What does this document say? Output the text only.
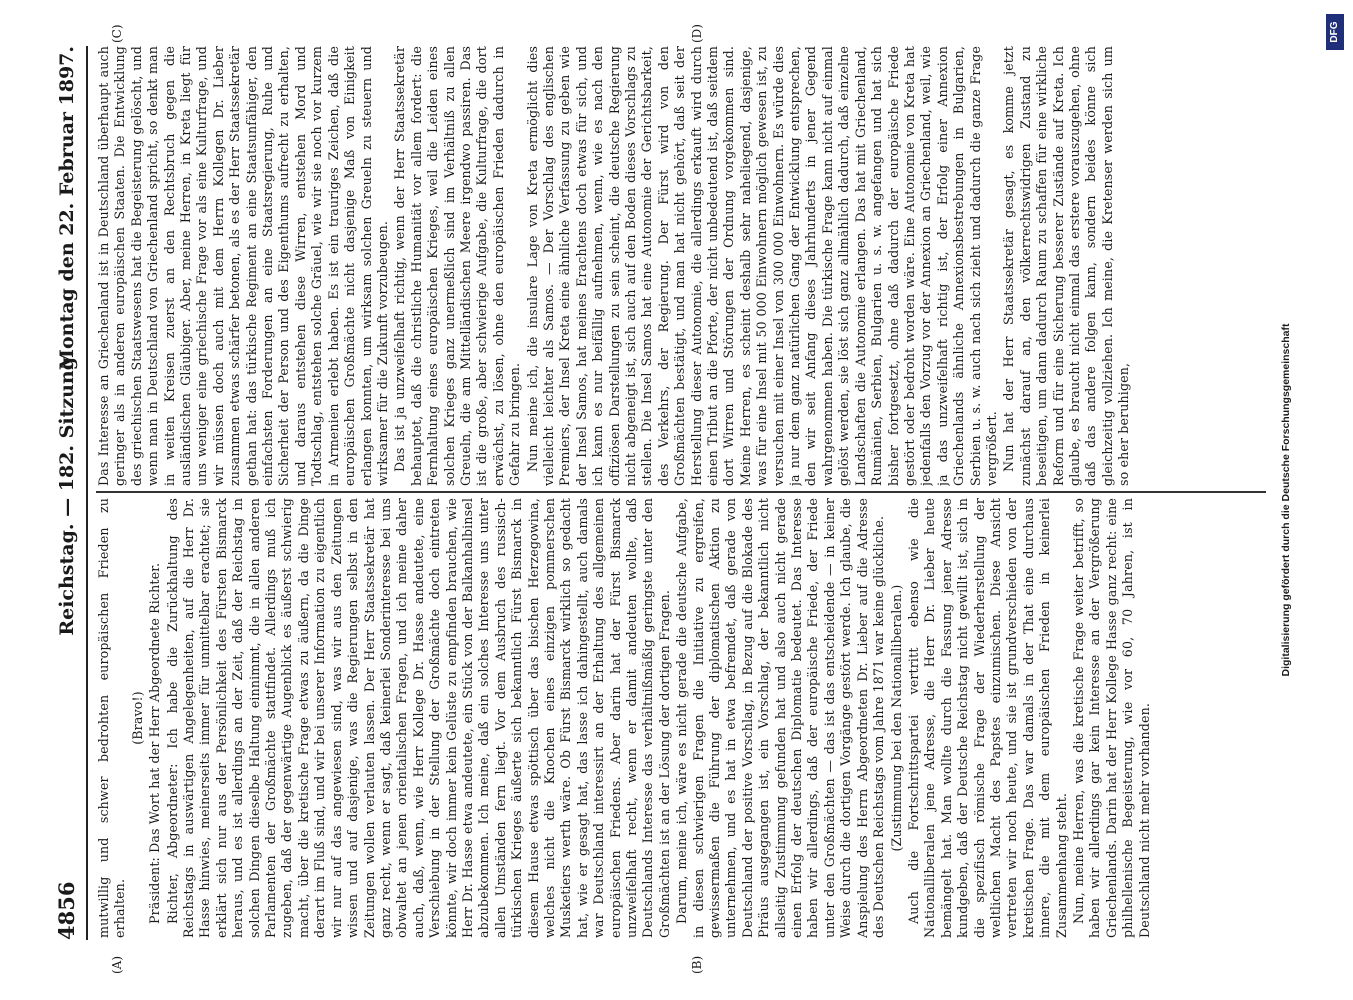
4856
Reichstag. — 182. Sitzung.
Montag den 22. Februar 1897.
(A)	(B)
(C)	(D)

mutwillig und schwer bedrohten europäischen Frieden zu erhalten.

(Bravo!) Präsident: Das Wort hat der Herr Abgeordnete Richter. Richter, Abgeordneter: Ich habe die Zurückhaltung des Reichstags in auswärtigen Angelegenheiten, auf die Herr Dr. Hasse hinwies, meinerseits immer für unmittelbar erachtet; sie erklärt sich nur aus der Persönlichkeit des Fürsten Bismarck heraus, und es ist allerdings an der Zeit, daß der Reichstag in solchen Dingen dieselbe Haltung einnimmt, die in allen anderen Parlamenten der Großmächte stattfindet. Allerdings muß ich zugeben, daß der gegenwärtige Augenblick es äußerst schwierig macht, über die kretische Frage etwas zu äußern, da die Dinge derart im Fluß sind, und wir bei unserer Information zu eigentlich wir nur auf das angewiesen sind, was wir aus den Zeitungen wissen und auf dasjenige, was die Regierungen selbst in den Zeitungen wollen verlauten lassen. Der Herr Staatssekretär hat ganz recht, wenn er sagt, daß keinerlei Sonderinteresse bei uns obwaltet an jenen orientalischen Fragen, und ich meine daher auch, daß, wenn, wie Herr Kollege Dr. Hasse andeutete, eine Verschiebung in der Stellung der Großmächte doch eintreten könnte, wir doch immer kein Gelüste zu empfinden brauchen, wie Herr Dr. Hasse etwa andeutete, ein Stück von der Balkanhalbinsel abzubekommen. Ich meine, daß ein solches Interesse uns unter allen Umständen fern liegt. Vor dem Ausbruch des russisch-türkischen Krieges äußerte sich bekanntlich Fürst Bismarck in diesem Hause etwas spöttisch über das bischen Herzegowina, welches nicht die Knochen eines einzigen pommerschen Musketiers werth wäre. Ob Fürst Bismarck wirklich so gedacht hat, wie er gesagt hat, das lasse ich dahingestellt, auch damals war Deutschland interessirt an der Erhaltung des allgemeinen europäischen Friedens. Aber darin hat der Fürst Bismarck unzweifelhaft recht, wenn er damit andeuten wollte, daß Deutschlands Interesse das verhältnißmäßig geringste unter den Großmächten ist an der Lösung der dortigen Fragen. Darum, meine ich, wäre es nicht gerade die deutsche Aufgabe, in diesen schwierigen Fragen die Initiative zu ergreifen, gewissermaßen die Führung der diplomatischen Aktion zu unternehmen, und es hat in etwa befremdet, daß gerade von Deutschland der positive Vorschlag, in Bezug auf die Blokade des Piräus ausgegangen ist, ein Vorschlag, der bekanntlich nicht allseitig Zustimmung gefunden hat und also auch nicht gerade einen Erfolg der deutschen Diplomatie bedeutet. Das Interesse haben wir allerdings, daß der europäische Friede, der Friede unter den Großmächten — das ist das entscheidende — in keiner Weise durch die dortigen Vorgänge gestört werde. Ich glaube, die Anspielung des Herrn Abgeordneten Dr. Lieber auf die Adresse des Deutschen Reichstags vom Jahre 1871 war keine glückliche. (Zustimmung bei den Nationalliberalen.) Auch die Fortschrittspartei vertritt ebenso wie die Nationalliberalen jene Adresse, die Herr Dr. Lieber heute bemängelt hat. Man wollte durch die Fassung jener Adresse kundgeben, daß der Deutsche Reichstag nicht gewillt ist, sich in die spezifisch römische Frage der Wiederherstellung der weltlichen Macht des Papstes einzumischen. Diese Ansicht vertreten wir noch heute, und sie ist grundverschieden von der kretischen Frage. Das war damals in der That eine durchaus innere, die mit dem europäischen Frieden in keinerlei Zusammenhang steht. Nun, meine Herren, was die kretische Frage weiter betrifft, so haben wir allerdings gar kein Interesse an der Vergrößerung Griechenlands. Darin hat der Herr Kollege Hasse ganz recht: eine philhellenische Begeisterung, wie vor 60, 70 Jahren, ist in Deutschland nicht mehr vorhanden.

Das Interesse an Griechenland ist in Deutschland überhaupt auch geringer als in anderen europäischen Staaten. Die Entwicklung des griechischen Staatswesens hat die Begeisterung gelöscht, und wenn man in Deutschland von Griechenland spricht, so denkt man in weiten Kreisen zuerst an den Rechtsbruch gegen die ausländischen Gläubiger. Aber, meine Herren, in Kreta liegt für uns weniger eine griechische Frage vor als eine Kulturfrage, und wir müssen doch auch mit dem Herrn Kollegen Dr. Lieber zusammen etwas schärfer betonen, als es der Herr Staatssekretär gethan hat: das türkische Regiment an eine Staatsunfähiger, den einfachsten Forderungen an eine Staatsregierung, Ruhe und Sicherheit der Person und des Eigenthums aufrecht zu erhalten, und daraus entstehen diese Wirren, entstehen Mord und Todtschlag, entstehen solche Gräuel, wie wir sie noch vor kurzem in Armenien erlebt haben. Es ist ein trauriges Zeichen, daß die europäischen Großmächte nicht dasjenige Maß von Einigkeit erlangen konnten, um wirksam solchen Greueln zu steuern und wirksamer für die Zukunft vorzubeugen. Das ist ja unzweifelhaft richtig, wenn der Herr Staatssekretär behauptet, daß die christliche Humanität vor allem fordert: die Fernhaltung eines europäischen Krieges, weil die Leiden eines solchen Krieges ganz unermeßlich sind im Verhältniß zu allen Greueln, die am Mittelländischen Meere irgendwo passiren. Das ist die große, aber schwierige Aufgabe, die Kulturfrage, die dort erwächst, zu lösen, ohne den europäischen Frieden dadurch in Gefahr zu bringen. Nun meine ich, die insulare Lage von Kreta ermöglicht dies vielleicht leichter als Samos. — Der Vorschlag des englischen Premiers, der Insel Kreta eine ähnliche Verfassung zu geben wie der Insel Samos, hat meines Erachtens doch etwas für sich, und ich kann es nur beifällig aufnehmen, wenn, wie es nach den offiziösen Darstellungen zu sein scheint, die deutsche Regierung nicht abgeneigt ist, sich auch auf den Boden dieses Vorschlags zu stellen. Die Insel Samos hat eine Autonomie der Gerichtsbarkeit, des Verkehrs, der Regierung. Der Fürst wird von den Großmächten bestätigt, und man hat nicht gehört, daß seit der Herstellung dieser Autonomie, die allerdings erkauft wird durch einen Tribut an die Pforte, der nicht unbedeutend ist, daß seitdem dort Wirren und Störungen der Ordnung vorgekommen sind. Meine Herren, es scheint deshalb sehr naheliegend, dasjenige, was für eine Insel mit 50 000 Einwohnern möglich gewesen ist, zu versuchen mit einer Insel von 300 000 Einwohnern. Es würde dies ja nur dem ganz natürlichen Gang der Entwicklung entsprechen, den wir seit Anfang dieses Jahrhunderts in jener Gegend wahrgenommen haben. Die türkische Frage kann nicht auf einmal gelöst werden, sie löst sich ganz allmählich dadurch, daß einzelne Landschaften die Autonomie erlangen. Das hat mit Griechenland, Rumänien, Serbien, Bulgarien u. s. w. angefangen und hat sich bisher fortgesetzt, ohne daß dadurch der europäische Friede gestört oder bedroht worden wäre. Eine Autonomie von Kreta hat jedenfalls den Vorzug vor der Annexion an Griechenland, weil, wie ja das unzweifelhaft richtig ist, der Erfolg einer Annexion Griechenlands ähnliche Annexionsbestrebungen in Bulgarien, Serbien u. s. w. auch nach sich zieht und dadurch die ganze Frage vergrößert. Nun hat der Herr Staatssekretär gesagt, es komme jetzt zunächst darauf an, den völkerrechtswidrigen Zustand zu beseitigen, um dann dadurch Raum zu schaffen für eine wirkliche Reform und für eine Sicherung besserer Zustände auf Kreta. Ich glaube, es braucht nicht einmal das erstere vorauszugehen, ohne daß das andere folgen kann, sondern beides könne sich gleichzeitig vollziehen. Ich meine, die Kretenser werden sich um so eher beruhigen,	Digitalisierung gefördert durch die Deutsche Forschungsgemeinschaft
DFG
